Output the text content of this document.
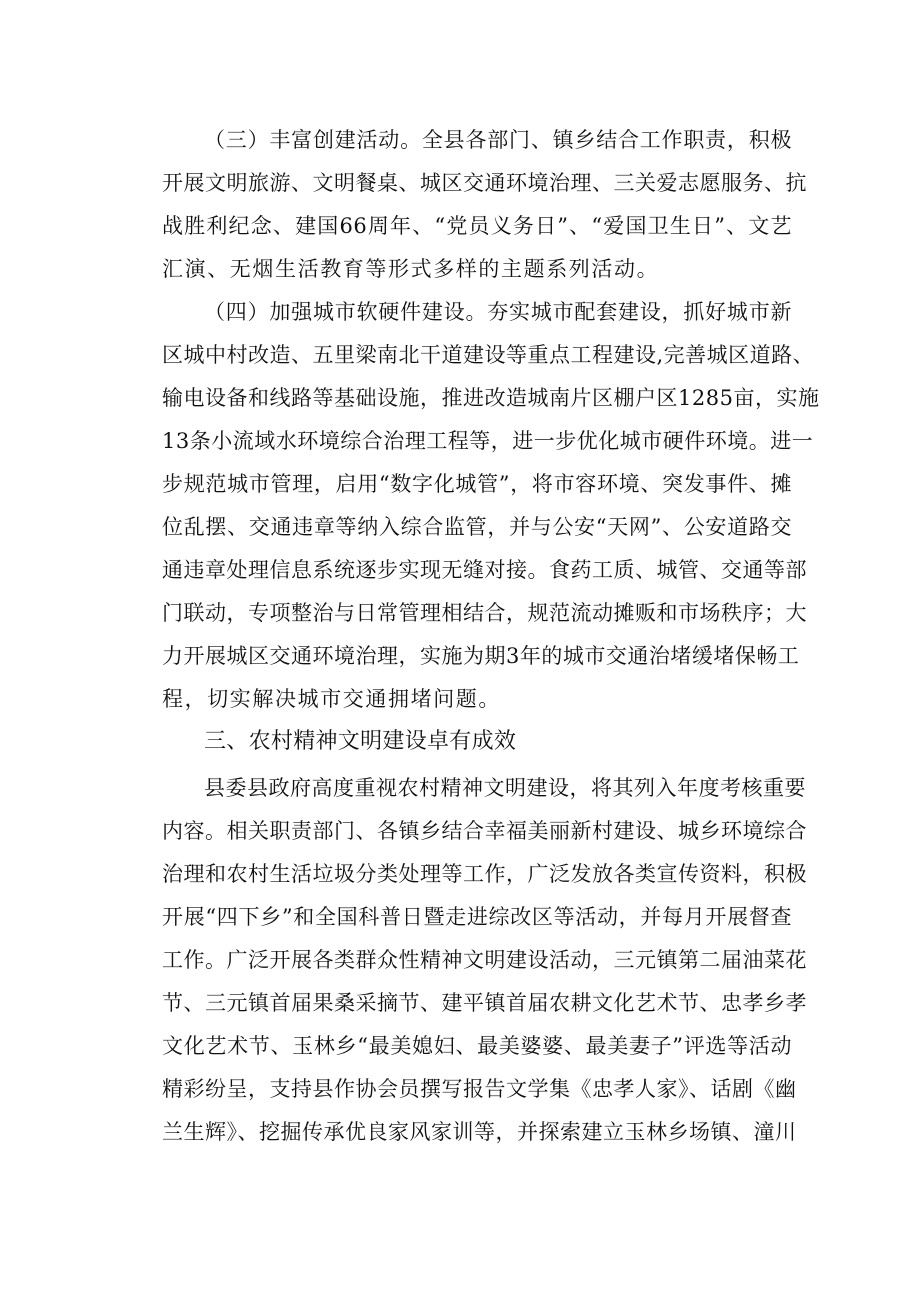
（三）丰富创建活动。全县各部门、镇乡结合工作职责，积极
开展文明旅游、文明餐桌、城区交通环境治理、三关爱志愿服务、抗
战胜利纪念、建国66周年、“党员义务日”、“爱国卫生日”、文艺
汇演、无烟生活教育等形式多样的主题系列活动。
（四）加强城市软硬件建设。夯实城市配套建设，抓好城市新
区城中村改造、五里梁南北干道建设等重点工程建设,完善城区道路、
输电设备和线路等基础设施，推进改造城南片区棚户区1285亩，实施
13条小流域水环境综合治理工程等，进一步优化城市硬件环境。进一
步规范城市管理，启用“数字化城管”，将市容环境、突发事件、摊
位乱摆、交通违章等纳入综合监管，并与公安“天网”、公安道路交
通违章处理信息系统逐步实现无缝对接。食药工质、城管、交通等部
门联动，专项整治与日常管理相结合，规范流动摊贩和市场秩序；大
力开展城区交通环境治理，实施为期3年的城市交通治堵缓堵保畅工
程，切实解决城市交通拥堵问题。
三、农村精神文明建设卓有成效
县委县政府高度重视农村精神文明建设，将其列入年度考核重要
内容。相关职责部门、各镇乡结合幸福美丽新村建设、城乡环境综合
治理和农村生活垃圾分类处理等工作，广泛发放各类宣传资料，积极
开展“四下乡”和全国科普日暨走进综改区等活动，并每月开展督查
工作。广泛开展各类群众性精神文明建设活动，三元镇第二届油菜花
节、三元镇首届果桑采摘节、建平镇首届农耕文化艺术节、忠孝乡孝
文化艺术节、玉林乡“最美媳妇、最美婆婆、最美妻子”评选等活动
精彩纷呈，支持县作协会员撰写报告文学集《忠孝人家》、话剧《幽
兰生辉》、挖掘传承优良家风家训等，并探索建立玉林乡场镇、潼川
